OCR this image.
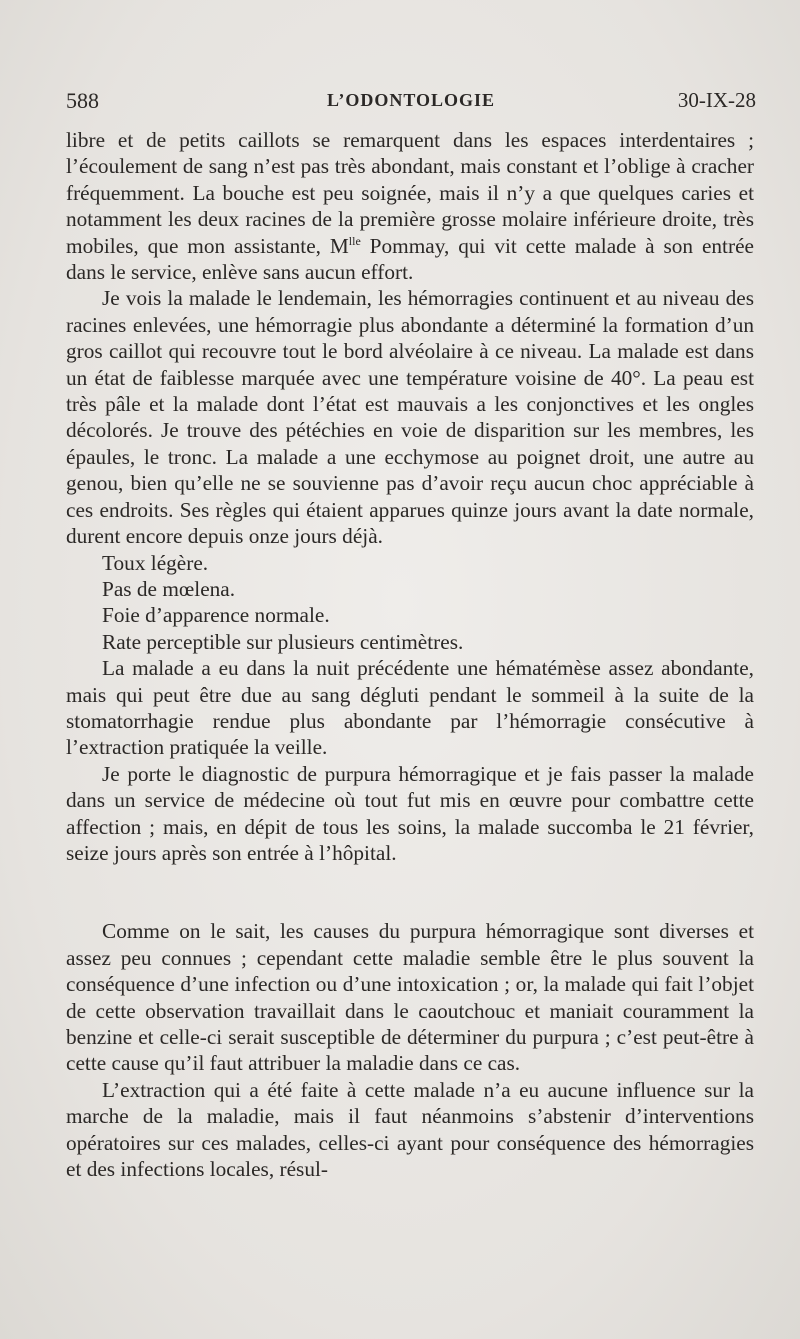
588	L’ODONTOLOGIE	30-IX-28

libre et de petits caillots se remarquent dans les espaces interdentaires ; l’écoulement de sang n’est pas très abondant, mais constant et l’oblige à cracher fréquemment. La bouche est peu soignée, mais il n’y a que quelques caries et notamment les deux racines de la première grosse molaire inférieure droite, très mobiles, que mon assistante, $M^{lle}$ Pommay, qui vit cette malade à son entrée dans le service, enlève sans aucun effort.

Je vois la malade le lendemain, les hémorragies continuent et au niveau des racines enlevées, une hémorragie plus abondante a déterminé la formation d’un gros caillot qui recouvre tout le bord alvéolaire à ce niveau. La malade est dans un état de faiblesse marquée avec une température voisine de 40°. La peau est très pâle et la malade dont l’état est mauvais a les conjonctives et les ongles décolorés. Je trouve des pétéchies en voie de disparition sur les membres, les épaules, le tronc. La malade a une ecchymose au poignet droit, une autre au genou, bien qu’elle ne se souvienne pas d’avoir reçu aucun choc appréciable à ces endroits. Ses règles qui étaient apparues quinze jours avant la date normale, durent encore depuis onze jours déjà.

Toux légère.

Pas de mœlena.

Foie d’apparence normale.

Rate perceptible sur plusieurs centimètres.

La malade a eu dans la nuit précédente une hématémèse assez abondante, mais qui peut être due au sang dégluti pendant le sommeil à la suite de la stomatorrhagie rendue plus abondante par l’hémorragie consécutive à l’extraction pratiquée la veille.

Je porte le diagnostic de purpura hémorragique et je fais passer la malade dans un service de médecine où tout fut mis en œuvre pour combattre cette affection ; mais, en dépit de tous les soins, la malade succomba le 21 février, seize jours après son entrée à l’hôpital.

Comme on le sait, les causes du purpura hémorragique sont diverses et assez peu connues ; cependant cette maladie semble être le plus souvent la conséquence d’une infection ou d’une intoxication ; or, la malade qui fait l’objet de cette observation travaillait dans le caoutchouc et maniait couramment la benzine et celle-ci serait susceptible de déterminer du purpura ; c’est peut-être à cette cause qu’il faut attribuer la maladie dans ce cas.

L’extraction qui a été faite à cette malade n’a eu aucune influence sur la marche de la maladie, mais il faut néanmoins s’abstenir d’interventions opératoires sur ces malades, celles-ci ayant pour conséquence des hémorragies et des infections locales, résul-
